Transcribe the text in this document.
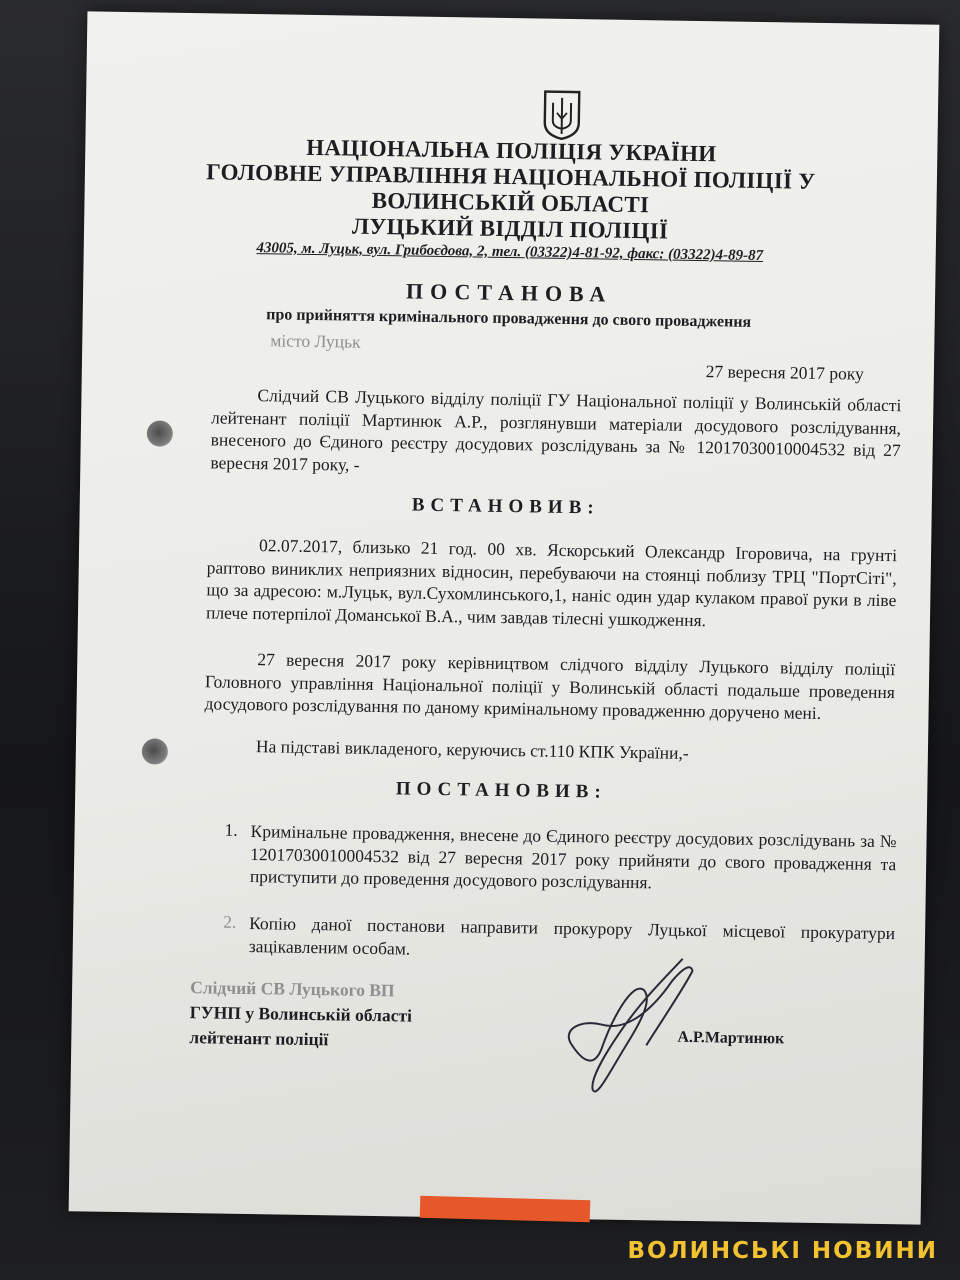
НАЦІОНАЛЬНА ПОЛІЦІЯ УКРАЇНИ
ГОЛОВНЕ УПРАВЛІННЯ НАЦІОНАЛЬНОЇ ПОЛІЦІЇ У
ВОЛИНСЬКІЙ ОБЛАСТІ
ЛУЦЬКИЙ ВІДДІЛ ПОЛІЦІЇ
43005, м. Луцьк, вул. Грибоєдова, 2, тел. (03322)4-81-92, факс: (03322)4-89-87
ПОСТАНОВА
про прийняття кримінального провадження до свого провадження
місто Луцьк
27 вересня 2017 року
Слідчий СВ Луцького відділу поліції ГУ Національної поліції у Волинській області лейтенант поліції Мартинюк А.Р., розглянувши матеріали досудового розслідування, внесеного до Єдиного реєстру досудових розслідувань за № 12017030010004532 від 27 вересня 2017 року, -
ВСТАНОВИВ:
02.07.2017, близько 21 год. 00 хв. Яскорський Олександр Ігоровича, на грунті раптово виниклих неприязних відносин, перебуваючи на стоянці поблизу ТРЦ "ПортСіті", що за адресою: м.Луцьк, вул.Сухомлинського,1, наніс один удар кулаком правої руки в ліве плече потерпілої Доманської В.А., чим завдав тілесні ушкодження.
27 вересня 2017 року керівництвом слідчого відділу Луцького відділу поліції Головного управління Національної поліції у Волинській області подальше проведення досудового розслідування по даному кримінальному провадженню доручено мені.
На підставі викладеного, керуючись ст.110 КПК України,-
ПОСТАНОВИВ:
1. Кримінальне провадження, внесене до Єдиного реєстру досудових розслідувань за № 12017030010004532 від 27 вересня 2017 року прийняти до свого провадження та приступити до проведення досудового розслідування.
2. Копію даної постанови направити прокурору Луцької місцевої прокуратури зацікавленим особам.
Слідчий СВ Луцького ВП
ГУНП у Волинській області
лейтенант поліції	А.Р.Мартинюк
ВОЛИНСЬКІ НОВИНИ
